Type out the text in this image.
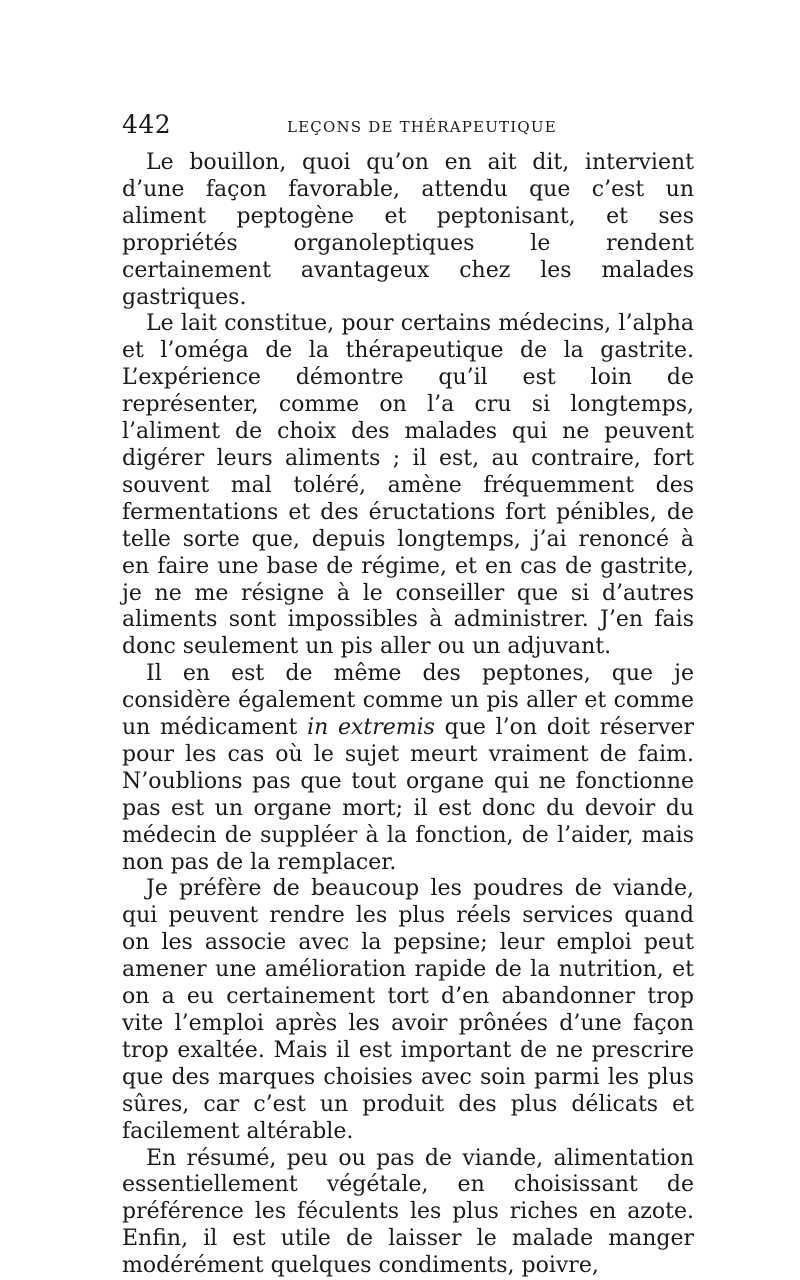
442	LEÇONS DE THÉRAPEUTIQUE

Le bouillon, quoi qu’on en ait dit, intervient d’une façon favorable, attendu que c’est un aliment peptogène et peptonisant, et ses propriétés organoleptiques le rendent certainement avantageux chez les malades gastriques.

Le lait constitue, pour certains médecins, l’alpha et l’oméga de la thérapeutique de la gastrite. L’expérience démontre qu’il est loin de représenter, comme on l’a cru si longtemps, l’aliment de choix des malades qui ne peuvent digérer leurs aliments ; il est, au contraire, fort souvent mal toléré, amène fréquemment des fermentations et des éructations fort pénibles, de telle sorte que, depuis longtemps, j’ai renoncé à en faire une base de régime, et en cas de gastrite, je ne me résigne à le conseiller que si d’autres aliments sont impossibles à administrer. J’en fais donc seulement un pis aller ou un adjuvant.

Il en est de même des peptones, que je considère également comme un pis aller et comme un médicament in extremis que l’on doit réserver pour les cas où le sujet meurt vraiment de faim. N’oublions pas que tout organe qui ne fonctionne pas est un organe mort; il est donc du devoir du médecin de suppléer à la fonction, de l’aider, mais non pas de la remplacer.

Je préfère de beaucoup les poudres de viande, qui peuvent rendre les plus réels services quand on les associe avec la pepsine; leur emploi peut amener une amélioration rapide de la nutrition, et on a eu certainement tort d’en abandonner trop vite l’emploi après les avoir prônées d’une façon trop exaltée. Mais il est important de ne prescrire que des marques choisies avec soin parmi les plus sûres, car c’est un produit des plus délicats et facilement altérable.

En résumé, peu ou pas de viande, alimentation essentiellement végétale, en choisissant de préférence les féculents les plus riches en azote. Enfin, il est utile de laisser le malade manger modérément quelques condiments, poivre,
